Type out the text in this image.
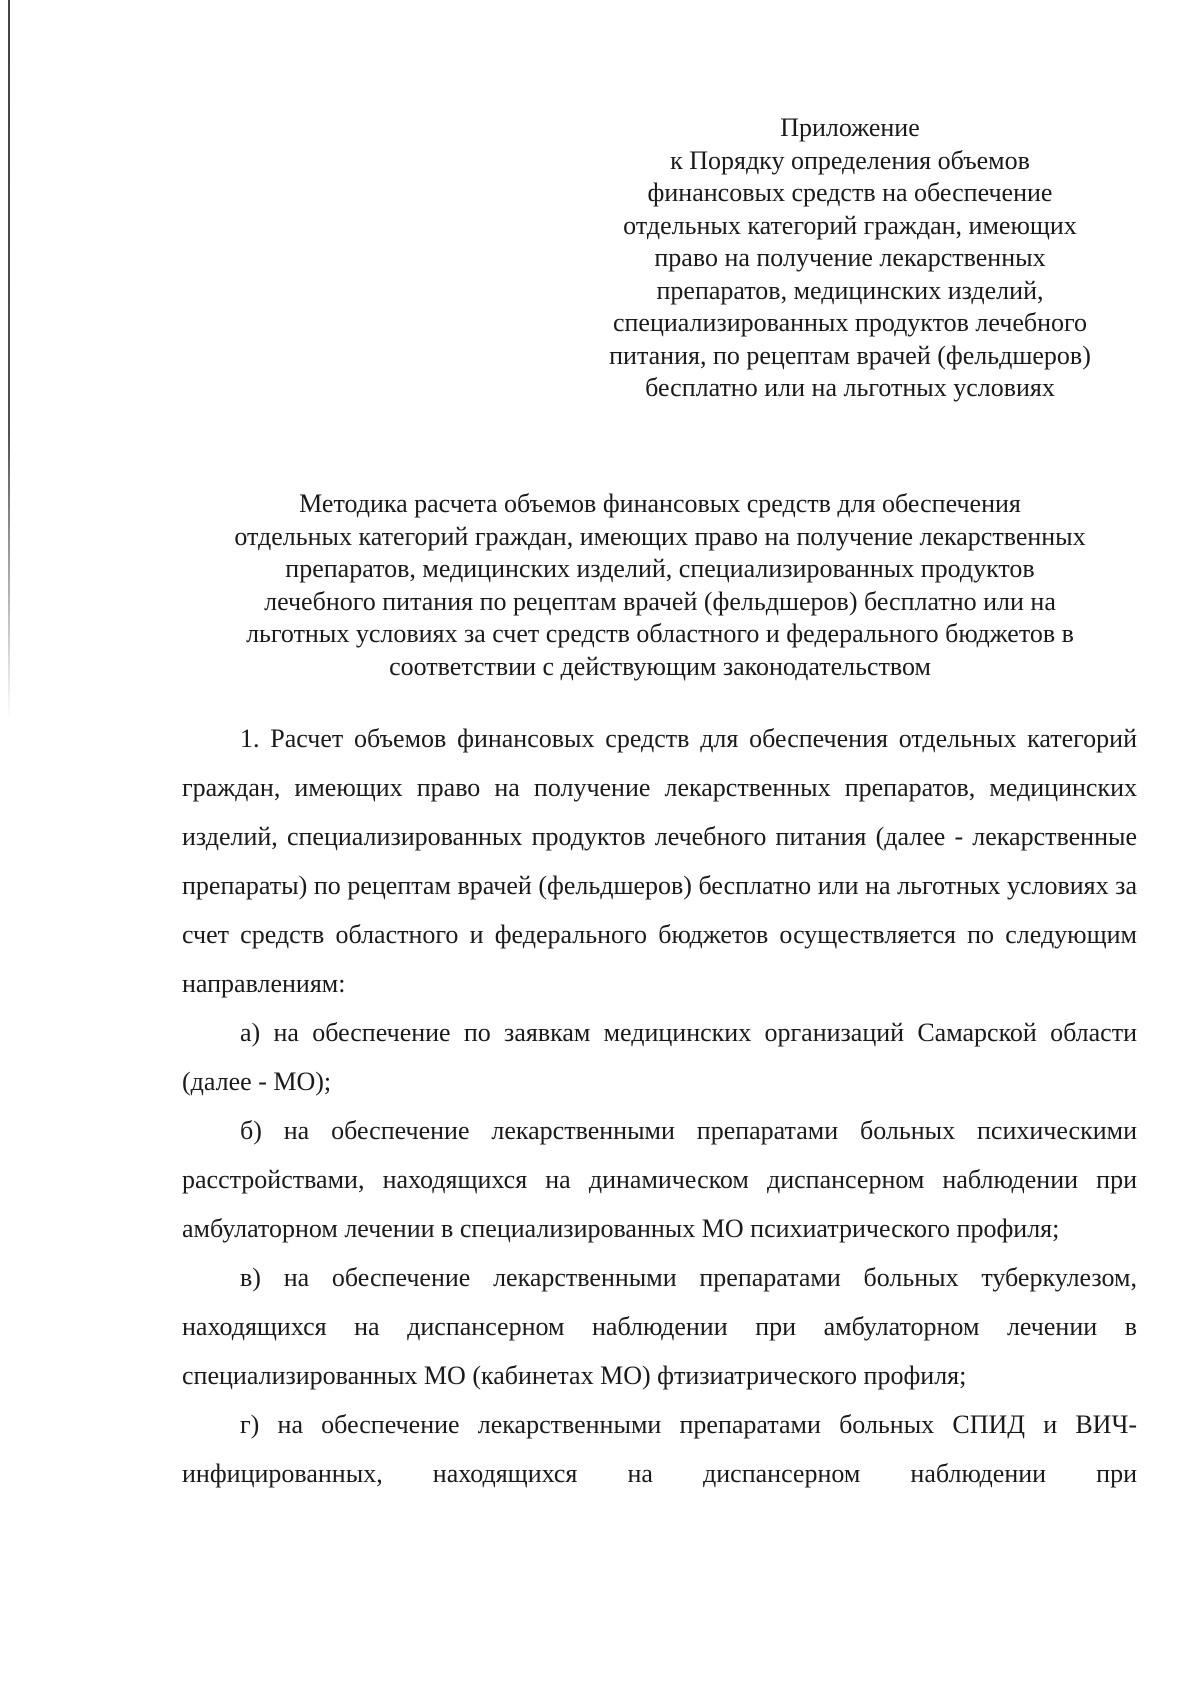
Приложение
к Порядку определения объемов
финансовых средств на обеспечение
отдельных категорий граждан, имеющих
право на получение лекарственных
препаратов, медицинских изделий,
специализированных продуктов лечебного
питания, по рецептам врачей (фельдшеров)
бесплатно или на льготных условиях
Методика расчета объемов финансовых средств для обеспечения
отдельных категорий граждан, имеющих право на получение лекарственных
препаратов, медицинских изделий, специализированных продуктов
лечебного питания по рецептам врачей (фельдшеров) бесплатно или на
льготных условиях за счет средств областного и федерального бюджетов в
соответствии с действующим законодательством

1. Расчет объемов финансовых средств для обеспечения отдельных категорий граждан, имеющих право на получение лекарственных препаратов, медицинских изделий, специализированных продуктов лечебного питания (далее - лекарственные препараты) по рецептам врачей (фельдшеров) бесплатно или на льготных условиях за счет средств областного и федерального бюджетов осуществляется по следующим направлениям:

а) на обеспечение по заявкам медицинских организаций Самарской области (далее - МО);

б) на обеспечение лекарственными препаратами больных психическими расстройствами, находящихся на динамическом диспансерном наблюдении при амбулаторном лечении в специализированных МО психиатрического профиля;

в) на обеспечение лекарственными препаратами больных туберкулезом, находящихся на диспансерном наблюдении при амбулаторном лечении в специализированных МО (кабинетах МО) фтизиатрического профиля;

г) на обеспечение лекарственными препаратами больных СПИД и ВИЧ-инфицированных, находящихся на диспансерном наблюдении при
